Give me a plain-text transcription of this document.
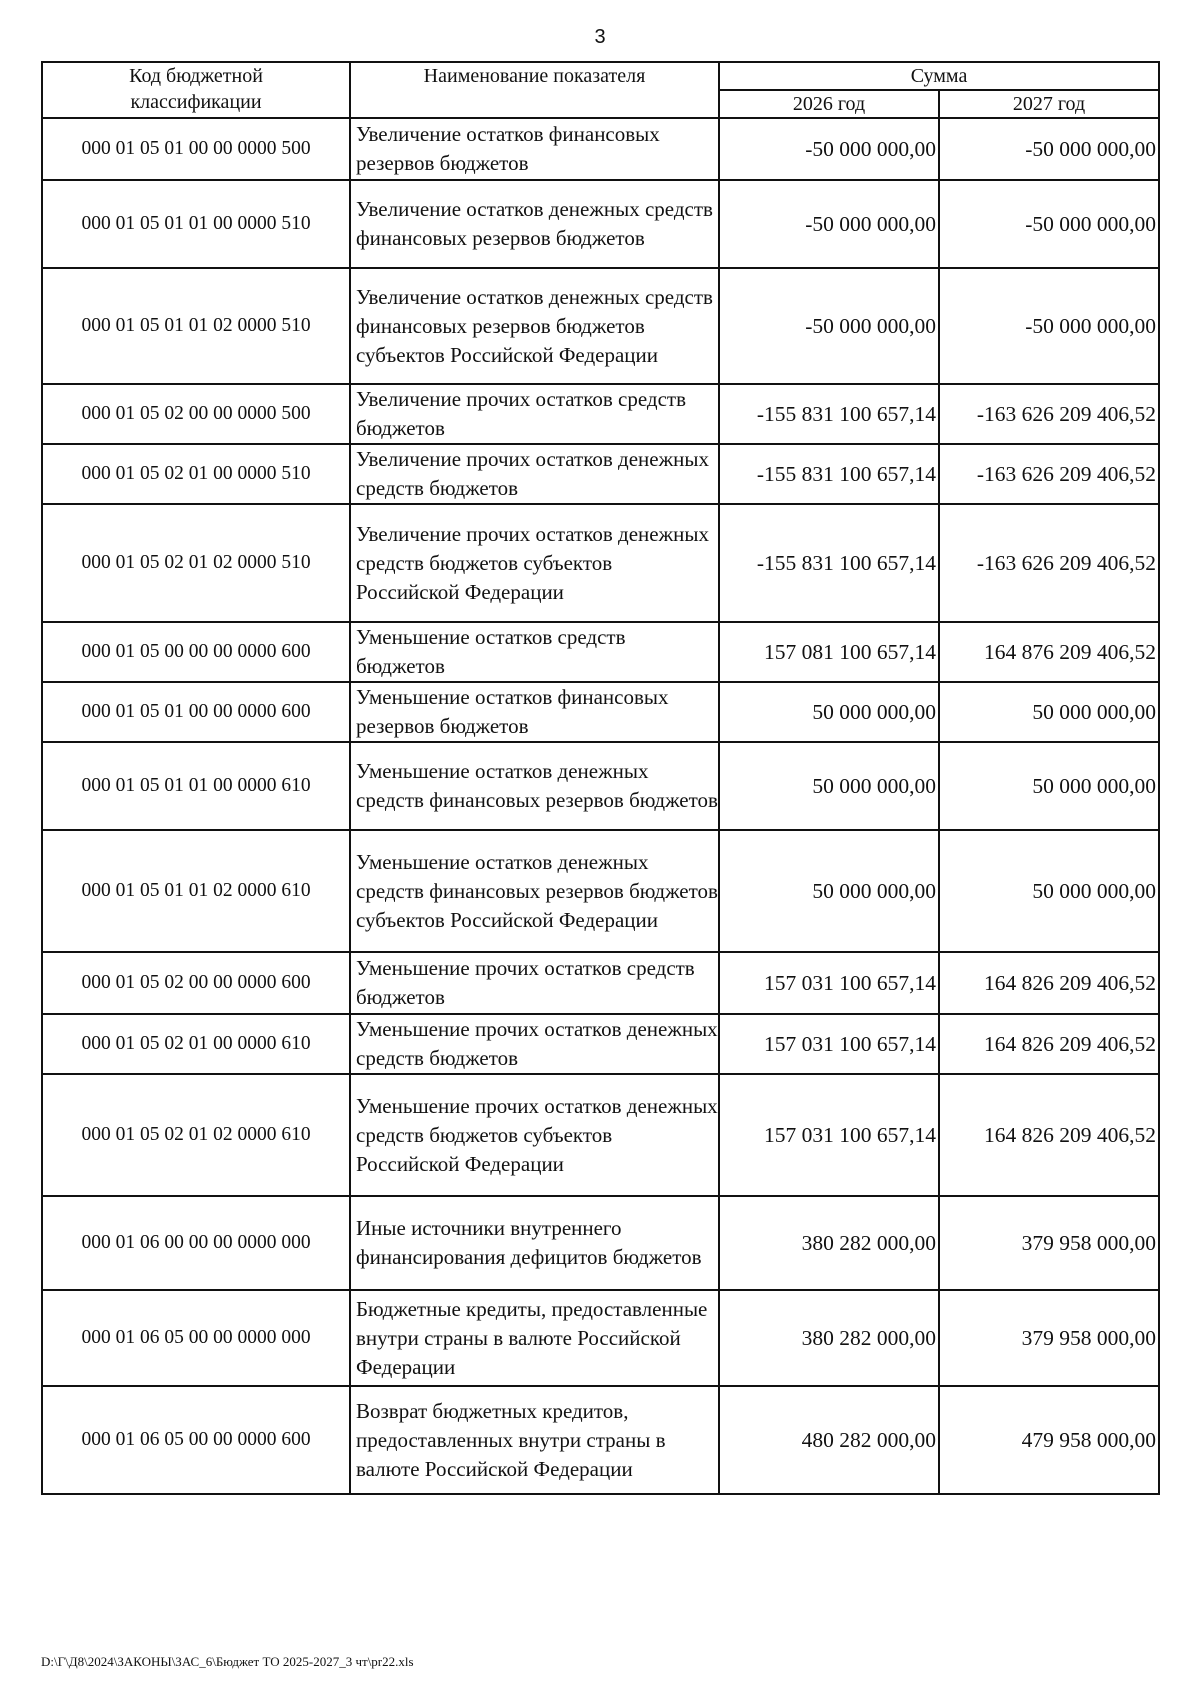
3
Код бюджетной классификации	Наименование показателя	Сумма	
		2026 год	2027 год
000 01 05 01 00 00 0000 500	Увеличение остатков финансовых резервов бюджетов	-50 000 000,00	-50 000 000,00
000 01 05 01 01 00 0000 510	Увеличение остатков денежных средств финансовых резервов бюджетов	-50 000 000,00	-50 000 000,00
000 01 05 01 01 02 0000 510	Увеличение остатков денежных средств финансовых резервов бюджетов субъектов Российской Федерации	-50 000 000,00	-50 000 000,00
000 01 05 02 00 00 0000 500	Увеличение прочих остатков средств бюджетов	-155 831 100 657,14	-163 626 209 406,52
000 01 05 02 01 00 0000 510	Увеличение прочих остатков денежных средств бюджетов	-155 831 100 657,14	-163 626 209 406,52
000 01 05 02 01 02 0000 510	Увеличение прочих остатков денежных средств бюджетов субъектов Российской Федерации	-155 831 100 657,14	-163 626 209 406,52
000 01 05 00 00 00 0000 600	Уменьшение остатков средств бюджетов	157 081 100 657,14	164 876 209 406,52
000 01 05 01 00 00 0000 600	Уменьшение остатков финансовых резервов бюджетов	50 000 000,00	50 000 000,00
000 01 05 01 01 00 0000 610	Уменьшение остатков денежных средств финансовых резервов бюджетов	50 000 000,00	50 000 000,00
000 01 05 01 01 02 0000 610	Уменьшение остатков денежных средств финансовых резервов бюджетов субъектов Российской Федерации	50 000 000,00	50 000 000,00
000 01 05 02 00 00 0000 600	Уменьшение прочих остатков средств бюджетов	157 031 100 657,14	164 826 209 406,52
000 01 05 02 01 00 0000 610	Уменьшение прочих остатков денежных средств бюджетов	157 031 100 657,14	164 826 209 406,52
000 01 05 02 01 02 0000 610	Уменьшение прочих остатков денежных средств бюджетов субъектов Российской Федерации	157 031 100 657,14	164 826 209 406,52
000 01 06 00 00 00 0000 000	Иные источники внутреннего финансирования дефицитов бюджетов	380 282 000,00	379 958 000,00
000 01 06 05 00 00 0000 000	Бюджетные кредиты, предоставленные внутри страны в валюте Российской Федерации	380 282 000,00	379 958 000,00
000 01 06 05 00 00 0000 600	Возврат бюджетных кредитов, предоставленных внутри страны в валюте Российской Федерации	480 282 000,00	479 958 000,00
D:\Г\Д8\2024\ЗАКОНЫ\ЗАС_6\Бюджет ТО 2025-2027_3 чт\pr22.xls
